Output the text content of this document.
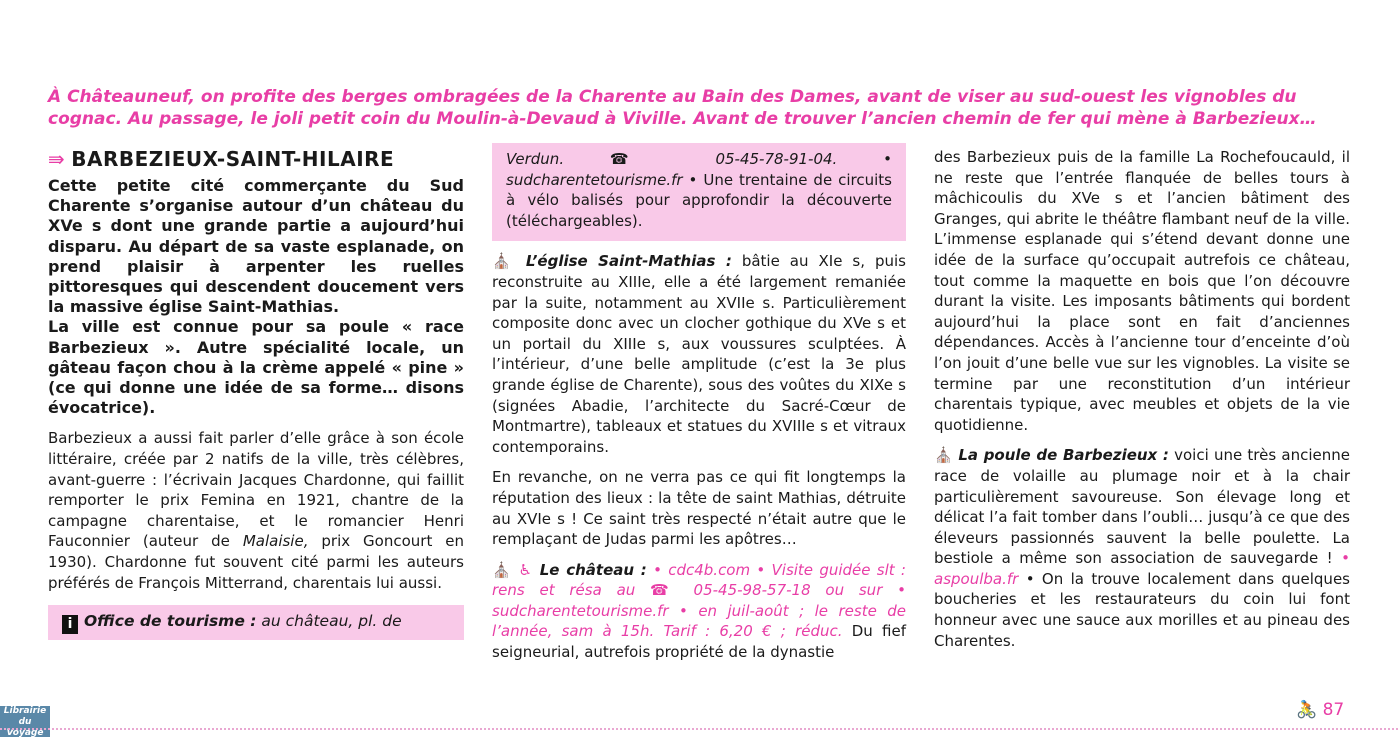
À Châteauneuf, on profite des berges ombragées de la Charente au Bain des Dames, avant de viser au sud-ouest les vignobles du cognac. Au passage, le joli petit coin du Moulin-à-Devaud à Viville. Avant de trouver l’ancien chemin de fer qui mène à Barbezieux…
⇛ BARBEZIEUX-SAINT-HILAIRE

Cette petite cité commerçante du Sud Charente s’organise autour d’un château du XVe s dont une grande partie a aujourd’hui disparu. Au départ de sa vaste esplanade, on prend plaisir à arpenter les ruelles pittoresques qui descendent doucement vers la massive église Saint-Mathias.

La ville est connue pour sa poule « race Barbezieux ». Autre spécialité locale, un gâteau façon chou à la crème appelé « pine » (ce qui donne une idée de sa forme… disons évocatrice).

Barbezieux a aussi fait parler d’elle grâce à son école littéraire, créée par 2 natifs de la ville, très célèbres, avant-guerre : l’écrivain Jacques Chardonne, qui faillit remporter le prix Femina en 1921, chantre de la campagne charentaise, et le romancier Henri Fauconnier (auteur de Malaisie, prix Goncourt en 1930). Chardonne fut souvent cité parmi les auteurs préférés de François Mitterrand, charentais lui aussi.

i Office de tourisme : au château, pl. de

Verdun. ☎ 05-45-78-91-04. • sudcharentetourisme.fr • Une trentaine de circuits à vélo balisés pour approfondir la découverte (téléchargeables).

⛪ L’église Saint-Mathias : bâtie au XIe s, puis reconstruite au XIIIe, elle a été largement remaniée par la suite, notamment au XVIIe s. Particulièrement composite donc avec un clocher gothique du XVe s et un portail du XIIIe s, aux voussures sculptées. À l’intérieur, d’une belle amplitude (c’est la 3e plus grande église de Charente), sous des voûtes du XIXe s (signées Abadie, l’architecte du Sacré-Cœur de Montmartre), tableaux et statues du XVIIIe s et vitraux contemporains.

En revanche, on ne verra pas ce qui fit longtemps la réputation des lieux : la tête de saint Mathias, détruite au XVIe s ! Ce saint très respecté n’était autre que le remplaçant de Judas parmi les apôtres…

⛪ ♿ Le château : • cdc4b.com • Visite guidée slt : rens et résa au ☎ 05-45-98-57-18 ou sur • sudcharentetourisme.fr • en juil-août ; le reste de l’année, sam à 15h. Tarif : 6,20 € ; réduc. Du fief seigneurial, autrefois propriété de la dynastie

des Barbezieux puis de la famille La Rochefoucauld, il ne reste que l’entrée flanquée de belles tours à mâchicoulis du XVe s et l’ancien bâtiment des Granges, qui abrite le théâtre flambant neuf de la ville. L’immense esplanade qui s’étend devant donne une idée de la surface qu’occupait autrefois ce château, tout comme la maquette en bois que l’on découvre durant la visite. Les imposants bâtiments qui bordent aujourd’hui la place sont en fait d’anciennes dépendances. Accès à l’ancienne tour d’enceinte d’où l’on jouit d’une belle vue sur les vignobles. La visite se termine par une reconstitution d’un intérieur charentais typique, avec meubles et objets de la vie quotidienne.

⛪ La poule de Barbezieux : voici une très ancienne race de volaille au plumage noir et à la chair particulièrement savoureuse. Son élevage long et délicat l’a fait tomber dans l’oubli… jusqu’à ce que des éleveurs passionnés sauvent la belle poulette. La bestiole a même son association de sauvegarde ! • aspoulba.fr • On la trouve localement dans quelques boucheries et les restaurateurs du coin lui font honneur avec une sauce aux morilles et au pineau des Charentes.

Librairie du Voyage
🚴 87
